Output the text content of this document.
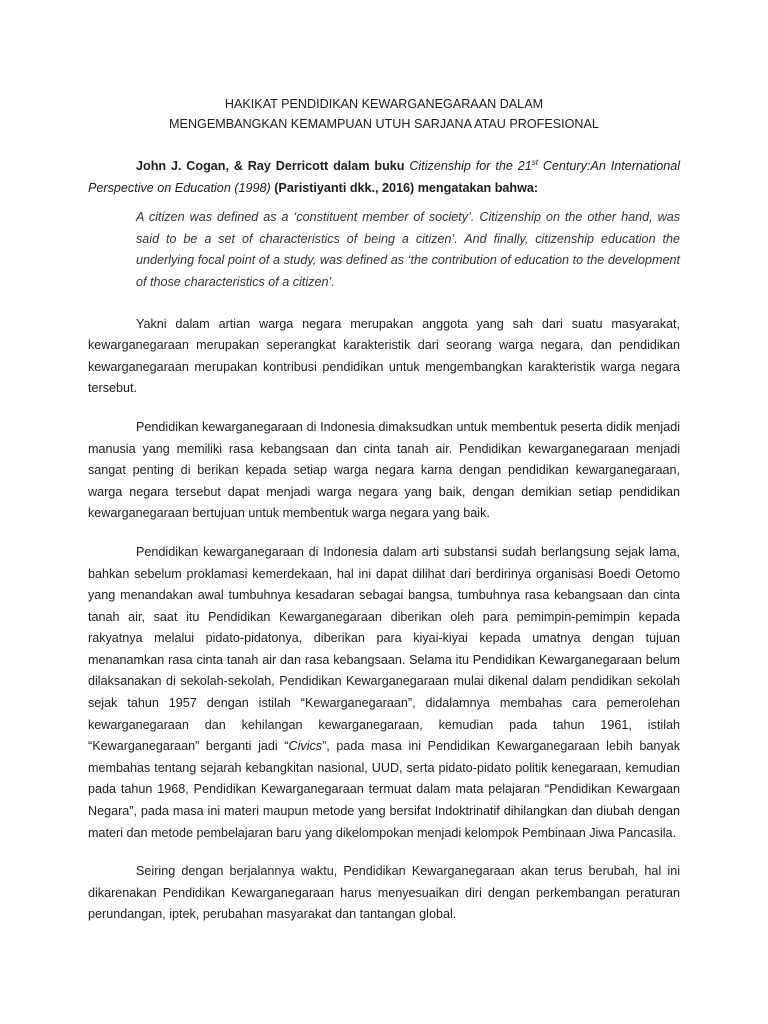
HAKIKAT PENDIDIKAN KEWARGANEGARAAN DALAM
MENGEMBANGKAN KEMAMPUAN UTUH SARJANA ATAU PROFESIONAL

John J. Cogan, & Ray Derricott dalam buku Citizenship for the 21st Century:An International Perspective on Education (1998) (Paristiyanti dkk., 2016) mengatakan bahwa:

A citizen was defined as a ‘constituent member of society’. Citizenship on the other hand, was said to be a set of characteristics of being a citizen’. And finally, citizenship education the underlying focal point of a study, was defined as ‘the contribution of education to the development of those characteristics of a citizen’.

Yakni dalam artian warga negara merupakan anggota yang sah dari suatu masyarakat, kewarganegaraan merupakan seperangkat karakteristik dari seorang warga negara, dan pendidikan kewarganegaraan merupakan kontribusi pendidikan untuk mengembangkan karakteristik warga negara tersebut.

Pendidikan kewarganegaraan di Indonesia dimaksudkan untuk membentuk peserta didik menjadi manusia yang memiliki rasa kebangsaan dan cinta tanah air. Pendidikan kewarganegaraan menjadi sangat penting di berikan kepada setiap warga negara karna dengan pendidikan kewarganegaraan, warga negara tersebut dapat menjadi warga negara yang baik, dengan demikian setiap pendidikan kewarganegaraan bertujuan untuk membentuk warga negara yang baik.

Pendidikan kewarganegaraan di Indonesia dalam arti substansi sudah berlangsung sejak lama, bahkan sebelum proklamasi kemerdekaan, hal ini dapat dilihat dari berdirinya organisasi Boedi Oetomo yang menandakan awal tumbuhnya kesadaran sebagai bangsa, tumbuhnya rasa kebangsaan dan cinta tanah air, saat itu Pendidikan Kewarganegaraan diberikan oleh para pemimpin-pemimpin kepada rakyatnya melalui pidato-pidatonya, diberikan para kiyai-kiyai kepada umatnya dengan tujuan menanamkan rasa cinta tanah air dan rasa kebangsaan. Selama itu Pendidikan Kewarganegaraan belum dilaksanakan di sekolah-sekolah, Pendidikan Kewarganegaraan mulai dikenal dalam pendidikan sekolah sejak tahun 1957 dengan istilah “Kewarganegaraan”, didalamnya membahas cara pemerolehan kewarganegaraan dan kehilangan kewarganegaraan, kemudian pada tahun 1961, istilah “Kewarganegaraan” berganti jadi “Civics”, pada masa ini Pendidikan Kewarganegaraan lebih banyak membahas tentang sejarah kebangkitan nasional, UUD, serta pidato-pidato politik kenegaraan, kemudian pada tahun 1968, Pendidikan Kewarganegaraan termuat dalam mata pelajaran “Pendidikan Kewargaan Negara”, pada masa ini materi maupun metode yang bersifat Indoktrinatif dihilangkan dan diubah dengan materi dan metode pembelajaran baru yang dikelompokan menjadi kelompok Pembinaan Jiwa Pancasila.

Seiring dengan berjalannya waktu, Pendidikan Kewarganegaraan akan terus berubah, hal ini dikarenakan Pendidikan Kewarganegaraan harus menyesuaikan diri dengan perkembangan peraturan perundangan, iptek, perubahan masyarakat dan tantangan global.
